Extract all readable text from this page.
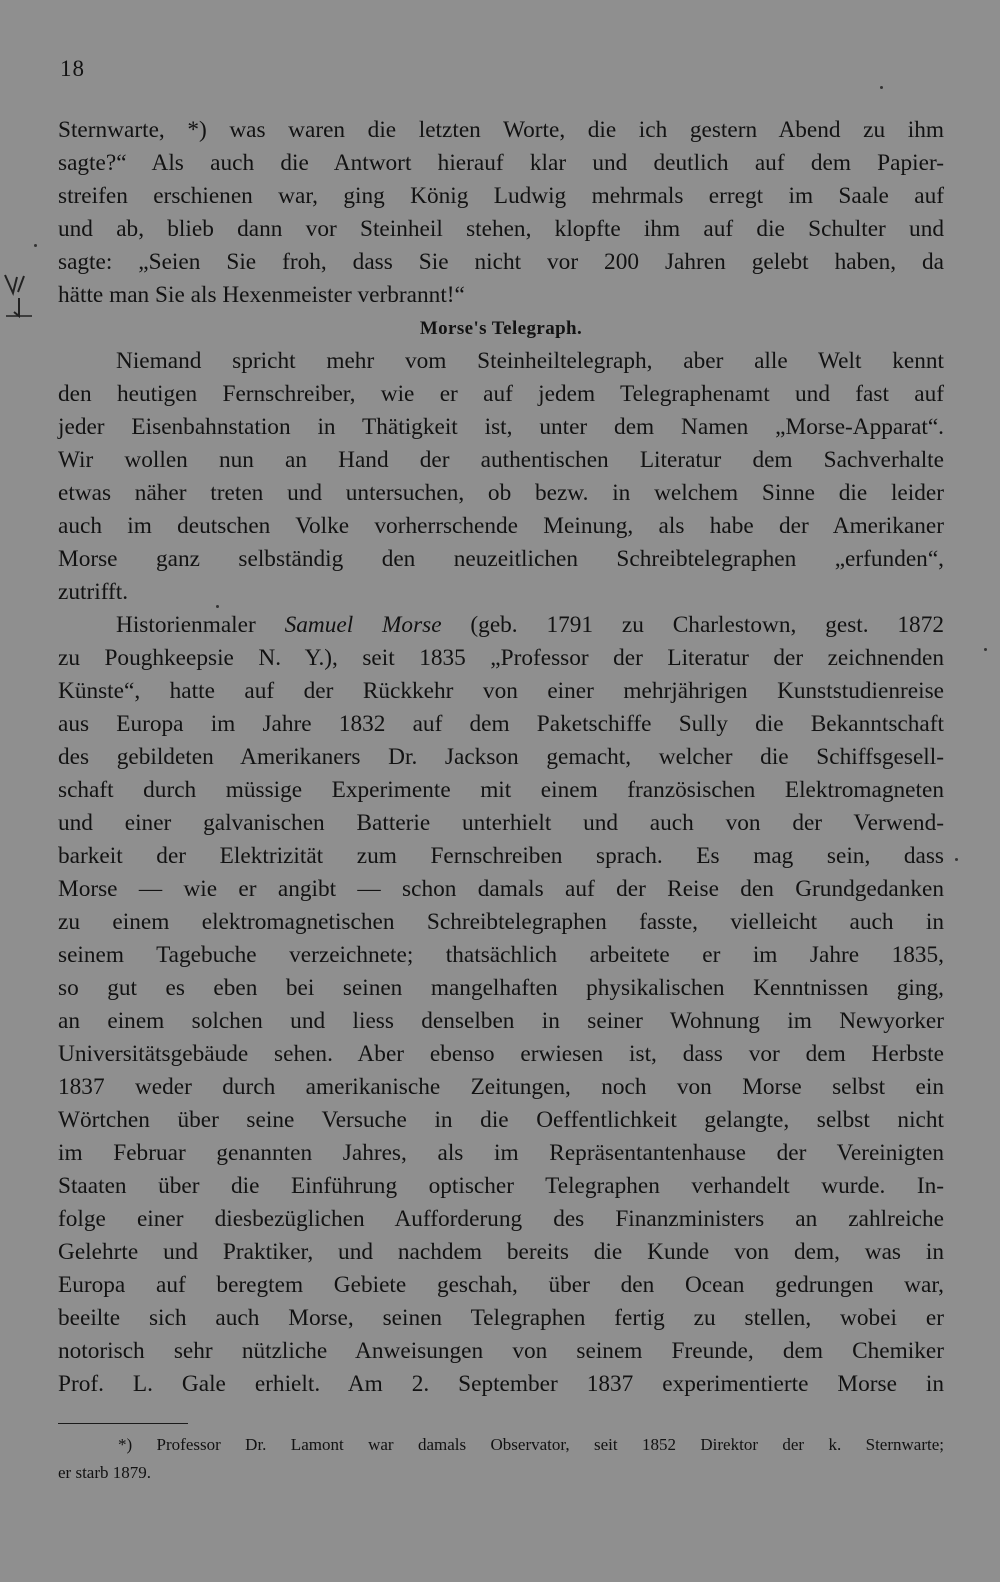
18
Sternwarte, *) was waren die letzten Worte, die ich gestern Abend zu ihm
sagte?“ Als auch die Antwort hierauf klar und deutlich auf dem Papier-
streifen erschienen war, ging König Ludwig mehrmals erregt im Saale auf
und ab, blieb dann vor Steinheil stehen, klopfte ihm auf die Schulter und
sagte: „Seien Sie froh, dass Sie nicht vor 200 Jahren gelebt haben, da
hätte man Sie als Hexenmeister verbrannt!“
Morse's Telegraph.
Niemand spricht mehr vom Steinheiltelegraph, aber alle Welt kennt
den heutigen Fernschreiber, wie er auf jedem Telegraphenamt und fast auf
jeder Eisenbahnstation in Thätigkeit ist, unter dem Namen „Morse-Apparat“.
Wir wollen nun an Hand der authentischen Literatur dem Sachverhalte
etwas näher treten und untersuchen, ob bezw. in welchem Sinne die leider
auch im deutschen Volke vorherrschende Meinung, als habe der Amerikaner
Morse ganz selbständig den neuzeitlichen Schreibtelegraphen „erfunden“,
zutrifft.
Historienmaler Samuel Morse (geb. 1791 zu Charlestown, gest. 1872
zu Poughkeepsie N. Y.), seit 1835 „Professor der Literatur der zeichnenden
Künste“, hatte auf der Rückkehr von einer mehrjährigen Kunststudienreise
aus Europa im Jahre 1832 auf dem Paketschiffe Sully die Bekanntschaft
des gebildeten Amerikaners Dr. Jackson gemacht, welcher die Schiffsgesell-
schaft durch müssige Experimente mit einem französischen Elektromagneten
und einer galvanischen Batterie unterhielt und auch von der Verwend-
barkeit der Elektrizität zum Fernschreiben sprach. Es mag sein, dass
Morse — wie er angibt — schon damals auf der Reise den Grundgedanken
zu einem elektromagnetischen Schreibtelegraphen fasste, vielleicht auch in
seinem Tagebuche verzeichnete; thatsächlich arbeitete er im Jahre 1835,
so gut es eben bei seinen mangelhaften physikalischen Kenntnissen ging,
an einem solchen und liess denselben in seiner Wohnung im Newyorker
Universitätsgebäude sehen. Aber ebenso erwiesen ist, dass vor dem Herbste
1837 weder durch amerikanische Zeitungen, noch von Morse selbst ein
Wörtchen über seine Versuche in die Oeffentlichkeit gelangte, selbst nicht
im Februar genannten Jahres, als im Repräsentantenhause der Vereinigten
Staaten über die Einführung optischer Telegraphen verhandelt wurde. In-
folge einer diesbezüglichen Aufforderung des Finanzministers an zahlreiche
Gelehrte und Praktiker, und nachdem bereits die Kunde von dem, was in
Europa auf beregtem Gebiete geschah, über den Ocean gedrungen war,
beeilte sich auch Morse, seinen Telegraphen fertig zu stellen, wobei er
notorisch sehr nützliche Anweisungen von seinem Freunde, dem Chemiker
Prof. L. Gale erhielt. Am 2. September 1837 experimentierte Morse in
*) Professor Dr. Lamont war damals Observator, seit 1852 Direktor der k. Sternwarte;
er starb 1879.
